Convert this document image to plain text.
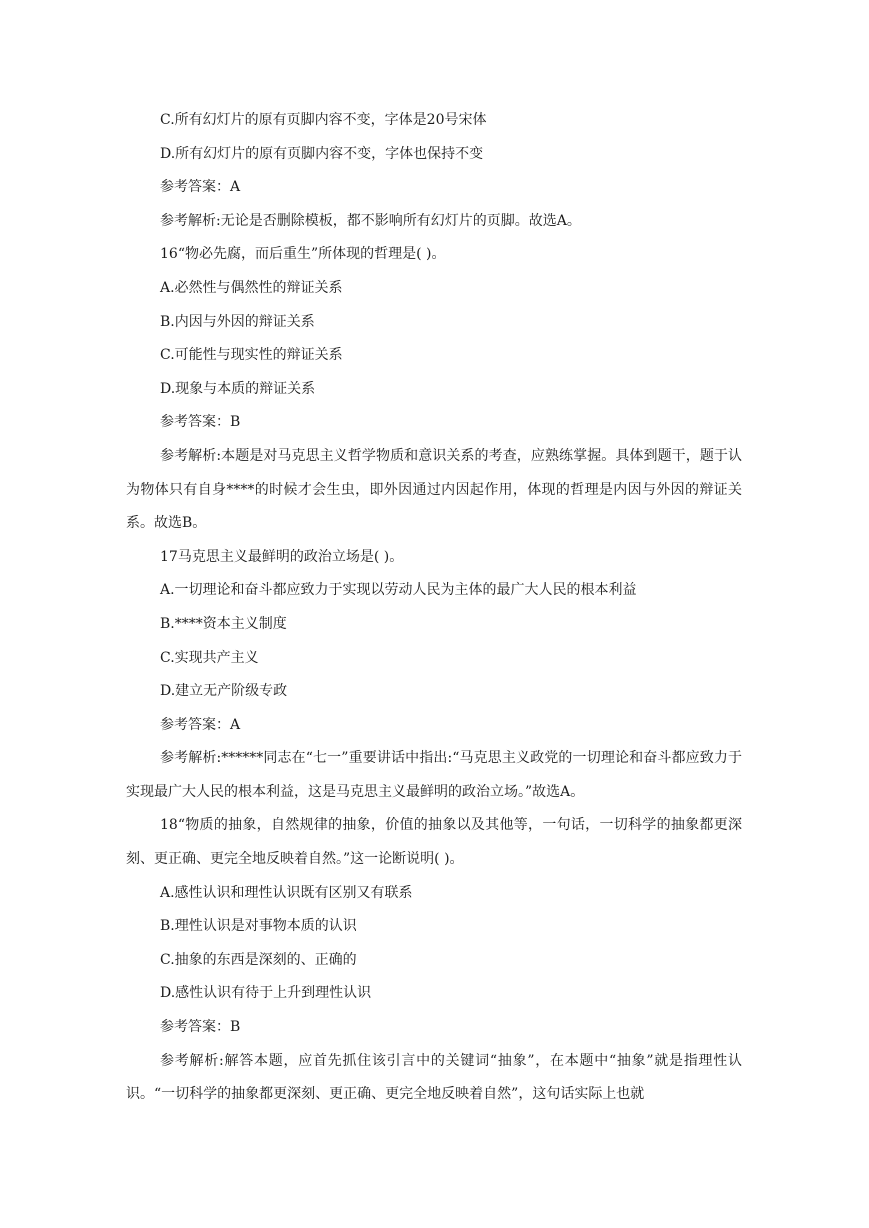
C.所有幻灯片的原有页脚内容不变，字体是20号宋体
D.所有幻灯片的原有页脚内容不变，字体也保持不变
参考答案：A
参考解析:无论是否删除模板，都不影响所有幻灯片的页脚。故选A。
16“物必先腐，而后重生”所体现的哲理是( )。
A.必然性与偶然性的辩证关系
B.内因与外因的辩证关系
C.可能性与现实性的辩证关系
D.现象与本质的辩证关系
参考答案：B
参考解析:本题是对马克思主义哲学物质和意识关系的考查，应熟练掌握。具体到题干，题于认为物体只有自身****的时候才会生虫，即外因通过内因起作用，体现的哲理是内因与外因的辩证关系。故选B。
17马克思主义最鲜明的政治立场是( )。
A.一切理论和奋斗都应致力于实现以劳动人民为主体的最广大人民的根本利益
B.****资本主义制度
C.实现共产主义
D.建立无产阶级专政
参考答案：A
参考解析:******同志在“七一”重要讲话中指出:“马克思主义政党的一切理论和奋斗都应致力于实现最广大人民的根本利益，这是马克思主义最鲜明的政治立场。”故选A。
18“物质的抽象，自然规律的抽象，价值的抽象以及其他等，一句话，一切科学的抽象都更深刻、更正确、更完全地反映着自然。”这一论断说明( )。
A.感性认识和理性认识既有区别又有联系
B.理性认识是对事物本质的认识
C.抽象的东西是深刻的、正确的
D.感性认识有待于上升到理性认识
参考答案：B
参考解析:解答本题，应首先抓住该引言中的关键词“抽象”，在本题中“抽象”就是指理性认识。“一切科学的抽象都更深刻、更正确、更完全地反映着自然”，这句话实际上也就
